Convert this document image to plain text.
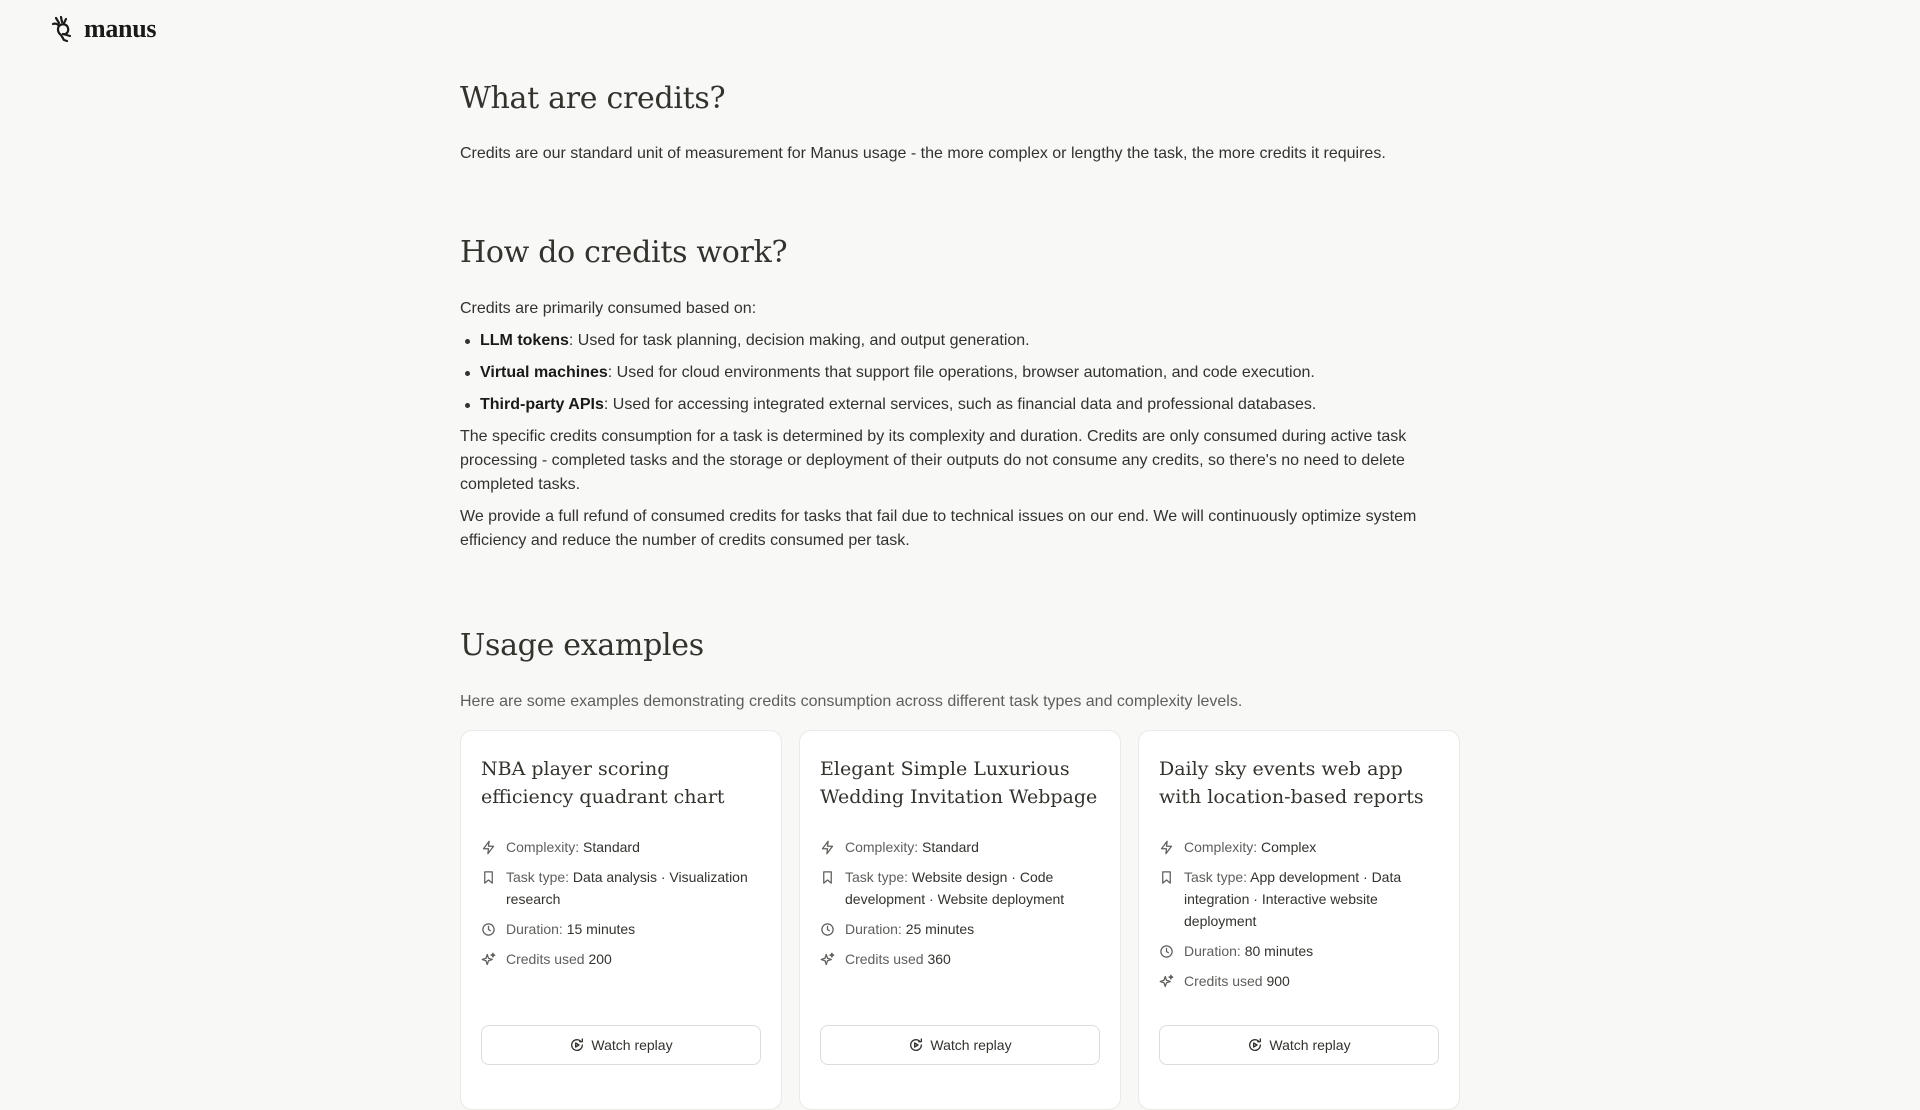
manus
What are credits?

Credits are our standard unit of measurement for Manus usage - the more complex or lengthy the task, the more credits it requires.

How do credits work?

Credits are primarily consumed based on:

LLM tokens: Used for task planning, decision making, and output generation.
Virtual machines: Used for cloud environments that support file operations, browser automation, and code execution.
Third-party APIs: Used for accessing integrated external services, such as financial data and professional databases.

The specific credits consumption for a task is determined by its complexity and duration. Credits are only consumed during active task processing - completed tasks and the storage or deployment of their outputs do not consume any credits, so there's no need to delete completed tasks.

We provide a full refund of consumed credits for tasks that fail due to technical issues on our end. We will continuously optimize system efficiency and reduce the number of credits consumed per task.

Usage examples

Here are some examples demonstrating credits consumption across different task types and complexity levels.

NBA player scoring efficiency quadrant chart
Complexity: Standard
Task type: Data analysis · Visualization research
Duration: 15 minutes
Credits used 200
Watch replay
Elegant Simple Luxurious Wedding Invitation Webpage
Complexity: Standard
Task type: Website design · Code development · Website deployment
Duration: 25 minutes
Credits used 360
Watch replay
Daily sky events web app with location-based reports
Complexity: Complex
Task type: App development · Data integration · Interactive website deployment
Duration: 80 minutes
Credits used 900
Watch replay
